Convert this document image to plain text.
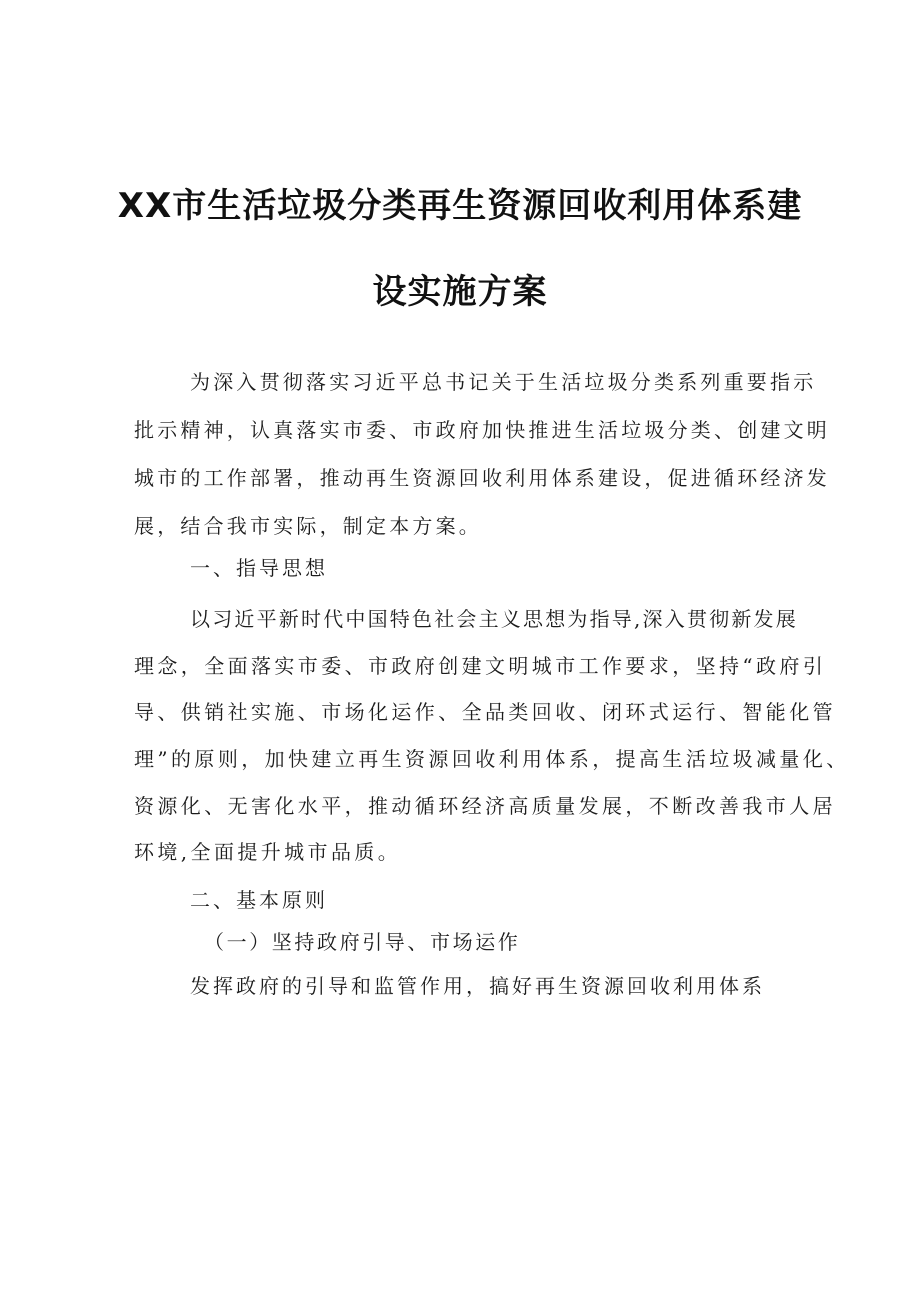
XX市生活垃圾分类再生资源回收利用体系建
设实施方案
为深入贯彻落实习近平总书记关于生活垃圾分类系列重要指示
批示精神，认真落实市委、市政府加快推进生活垃圾分类、创建文明
城市的工作部署，推动再生资源回收利用体系建设，促进循环经济发
展，结合我市实际，制定本方案。
一、指导思想
以习近平新时代中国特色社会主义思想为指导,深入贯彻新发展
理念，全面落实市委、市政府创建文明城市工作要求，坚持“政府引
导、供销社实施、市场化运作、全品类回收、闭环式运行、智能化管
理”的原则，加快建立再生资源回收利用体系，提高生活垃圾减量化、
资源化、无害化水平，推动循环经济高质量发展，不断改善我市人居
环境,全面提升城市品质。
二、基本原则
（一）坚持政府引导、市场运作
发挥政府的引导和监管作用，搞好再生资源回收利用体系
